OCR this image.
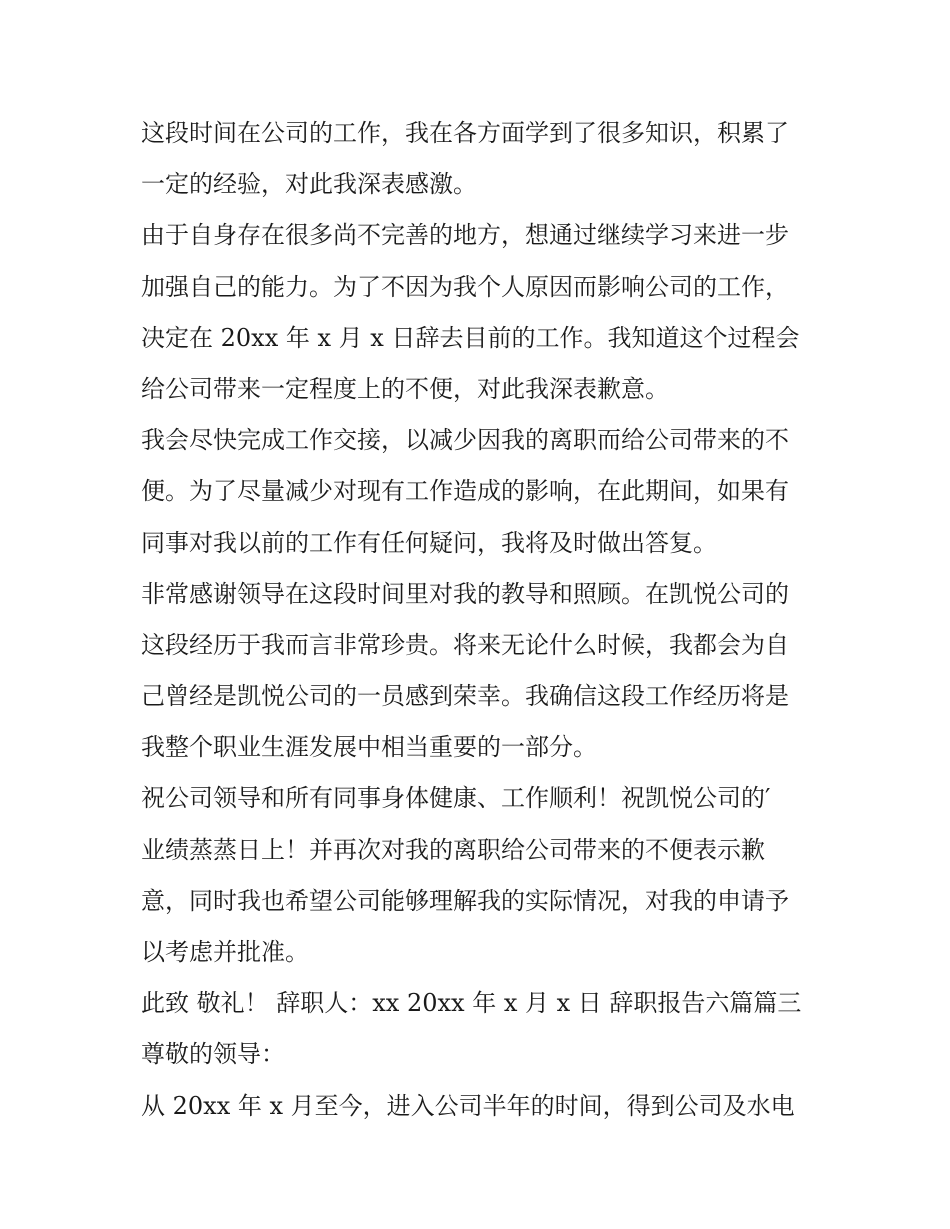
这段时间在公司的工作，我在各方面学到了很多知识，积累了
一定的经验，对此我深表感激。
由于自身存在很多尚不完善的地方，想通过继续学习来进一步
加强自己的能力。为了不因为我个人原因而影响公司的工作，
决定在 20xx 年 x 月 x 日辞去目前的工作。我知道这个过程会
给公司带来一定程度上的不便，对此我深表歉意。
我会尽快完成工作交接，以减少因我的离职而给公司带来的不
便。为了尽量减少对现有工作造成的影响，在此期间，如果有
同事对我以前的工作有任何疑问，我将及时做出答复。
非常感谢领导在这段时间里对我的教导和照顾。在凯悦公司的
这段经历于我而言非常珍贵。将来无论什么时候，我都会为自
己曾经是凯悦公司的一员感到荣幸。我确信这段工作经历将是
我整个职业生涯发展中相当重要的一部分。
祝公司领导和所有同事身体健康、工作顺利！祝凯悦公司的′
业绩蒸蒸日上！并再次对我的离职给公司带来的不便表示歉
意，同时我也希望公司能够理解我的实际情况，对我的申请予
以考虑并批准。
此致 敬礼！ 辞职人：xx 20xx 年 x 月 x 日 辞职报告六篇篇三
尊敬的领导：
从 20xx 年 x 月至今，进入公司半年的时间，得到公司及水电
